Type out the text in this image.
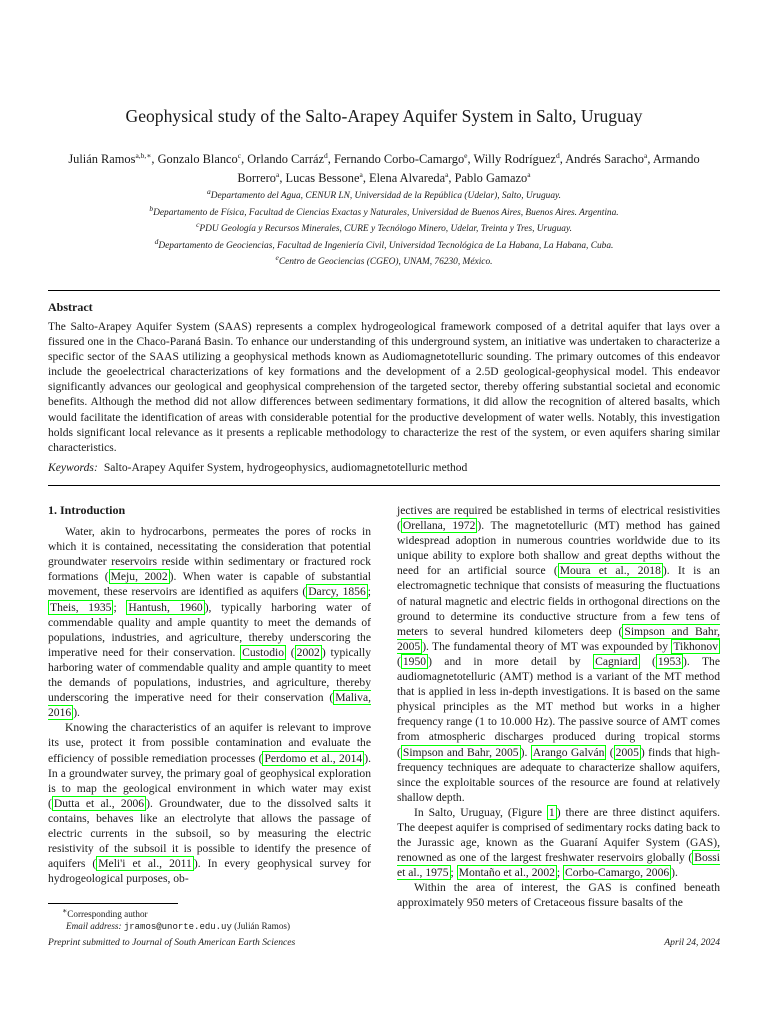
Geophysical study of the Salto-Arapey Aquifer System in Salto, Uruguay
Julián Ramos$^{a,b,∗}$, Gonzalo Blanco$^c$, Orlando Carráz$^d$, Fernando Corbo-Camargo$^e$, Willy Rodríguez$^d$, Andrés Saracho$^a$, Armando Borrero$^a$, Lucas Bessone$^a$, Elena Alvareda$^a$, Pablo Gamazo$^a$
$^a$Departamento del Agua, CENUR LN, Universidad de la República (Udelar), Salto, Uruguay.
$^b$Departamento de Física, Facultad de Ciencias Exactas y Naturales, Universidad de Buenos Aires, Buenos Aires. Argentina.
$^c$PDU Geología y Recursos Minerales, CURE y Tecnólogo Minero, Udelar, Treinta y Tres, Uruguay.
$^d$Departamento de Geociencias, Facultad de Ingeniería Civil, Universidad Tecnológica de La Habana, La Habana, Cuba.
$^e$Centro de Geociencias (CGEO), UNAM, 76230, México.
Abstract
The Salto-Arapey Aquifer System (SAAS) represents a complex hydrogeological framework composed of a detrital aquifer that lays over a fissured one in the Chaco-Paraná Basin. To enhance our understanding of this underground system, an initiative was undertaken to characterize a specific sector of the SAAS utilizing a geophysical methods known as Audiomagnetotelluric sounding. The primary outcomes of this endeavor include the geoelectrical characterizations of key formations and the development of a 2.5D geological-geophysical model. This endeavor significantly advances our geological and geophysical comprehension of the targeted sector, thereby offering substantial societal and economic benefits. Although the method did not allow differences between sedimentary formations, it did allow the recognition of altered basalts, which would facilitate the identification of areas with considerable potential for the productive development of water wells. Notably, this investigation holds significant local relevance as it presents a replicable methodology to characterize the rest of the system, or even aquifers sharing similar characteristics.
Keywords: Salto-Arapey Aquifer System, hydrogeophysics, audiomagnetotelluric method
1. Introduction

Water, akin to hydrocarbons, permeates the pores of rocks in which it is contained, necessitating the consideration that potential groundwater reservoirs reside within sedimentary or fractured rock formations ( Meju, 2002 ). When water is capable of substantial movement, these reservoirs are identified as aquifers ( Darcy, 1856 ; Theis, 1935 ; Hantush, 1960 ), typically harboring water of commendable quality and ample quantity to meet the demands of populations, industries, and agriculture, thereby underscoring the imperative need for their conservation. Custodio ( 2002 ) typically harboring water of commendable quality and ample quantity to meet the demands of populations, industries, and agriculture, thereby underscoring the imperative need for their conservation ( Maliva, 2016 ).

Knowing the characteristics of an aquifer is relevant to improve its use, protect it from possible contamination and evaluate the efficiency of possible remediation processes ( Perdomo et al., 2014 ). In a groundwater survey, the primary goal of geophysical exploration is to map the geological environment in which water may exist ( Dutta et al., 2006 ). Groundwater, due to the dissolved salts it contains, behaves like an electrolyte that allows the passage of electric currents in the subsoil, so by measuring the electric resistivity of the subsoil it is possible to identify the presence of aquifers ( Meli'i et al., 2011 ). In every geophysical survey for hydrogeological purposes, ob-

jectives are required be established in terms of electrical resistivities ( Orellana, 1972 ). The magnetotelluric (MT) method has gained widespread adoption in numerous countries worldwide due to its unique ability to explore both shallow and great depths without the need for an artificial source ( Moura et al., 2018 ). It is an electromagnetic technique that consists of measuring the fluctuations of natural magnetic and electric fields in orthogonal directions on the ground to determine its conductive structure from a few tens of meters to several hundred kilometers deep ( Simpson and Bahr, 2005 ). The fundamental theory of MT was expounded by Tikhonov ( 1950 ) and in more detail by Cagniard ( 1953 ). The audiomagnetotelluric (AMT) method is a variant of the MT method that is applied in less in-depth investigations. It is based on the same physical principles as the MT method but works in a higher frequency range (1 to 10.000 Hz). The passive source of AMT comes from atmospheric discharges produced during tropical storms ( Simpson and Bahr, 2005 ). Arango Galván ( 2005 ) finds that high-frequency techniques are adequate to characterize shallow aquifers, since the exploitable sources of the resource are found at relatively shallow depth.

In Salto, Uruguay, (Figure 1 ) there are three distinct aquifers. The deepest aquifer is comprised of sedimentary rocks dating back to the Jurassic age, known as the Guaraní Aquifer System (GAS), renowned as one of the largest freshwater reservoirs globally ( Bossi et al., 1975 ; Montaño et al., 2002 ; Corbo-Camargo, 2006 ).

Within the area of interest, the GAS is confined beneath approximately 950 meters of Cretaceous fissure basalts of the

∗Corresponding author
Email address: jramos@unorte.edu.uy (Julián Ramos)
Preprint submitted to Journal of South American Earth Sciences	April 24, 2024
